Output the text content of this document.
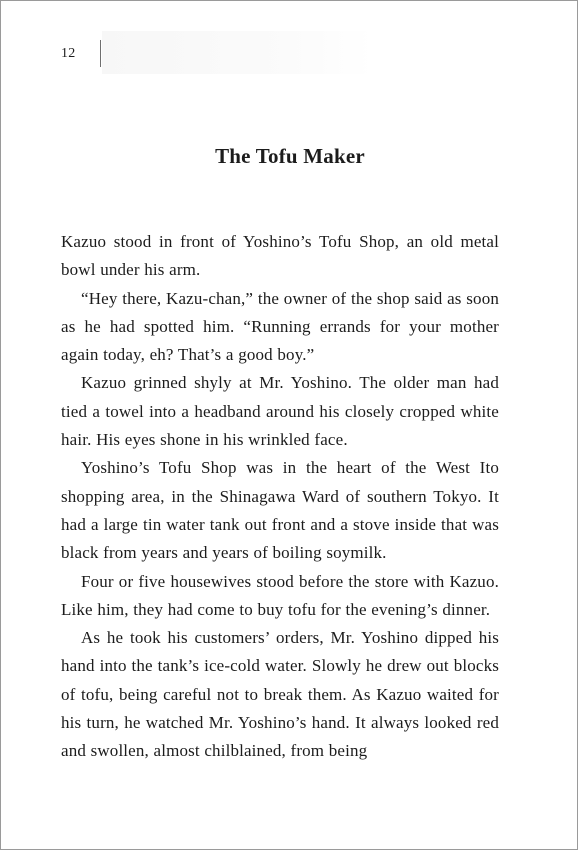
12
The Tofu Maker

Kazuo stood in front of Yoshino’s Tofu Shop, an old metal bowl under his arm.

“Hey there, Kazu-chan,” the owner of the shop said as soon as he had spotted him. “Running errands for your mother again today, eh? That’s a good boy.”

Kazuo grinned shyly at Mr. Yoshino. The older man had tied a towel into a headband around his closely cropped white hair. His eyes shone in his wrinkled face.

Yoshino’s Tofu Shop was in the heart of the West Ito shopping area, in the Shinagawa Ward of southern Tokyo. It had a large tin water tank out front and a stove inside that was black from years and years of boiling soymilk.

Four or five housewives stood before the store with Kazuo. Like him, they had come to buy tofu for the evening’s dinner.

As he took his customers’ orders, Mr. Yoshino dipped his hand into the tank’s ice-cold water. Slowly he drew out blocks of tofu, being careful not to break them. As Kazuo waited for his turn, he watched Mr. Yoshino’s hand. It always looked red and swollen, almost chilblained, from being
